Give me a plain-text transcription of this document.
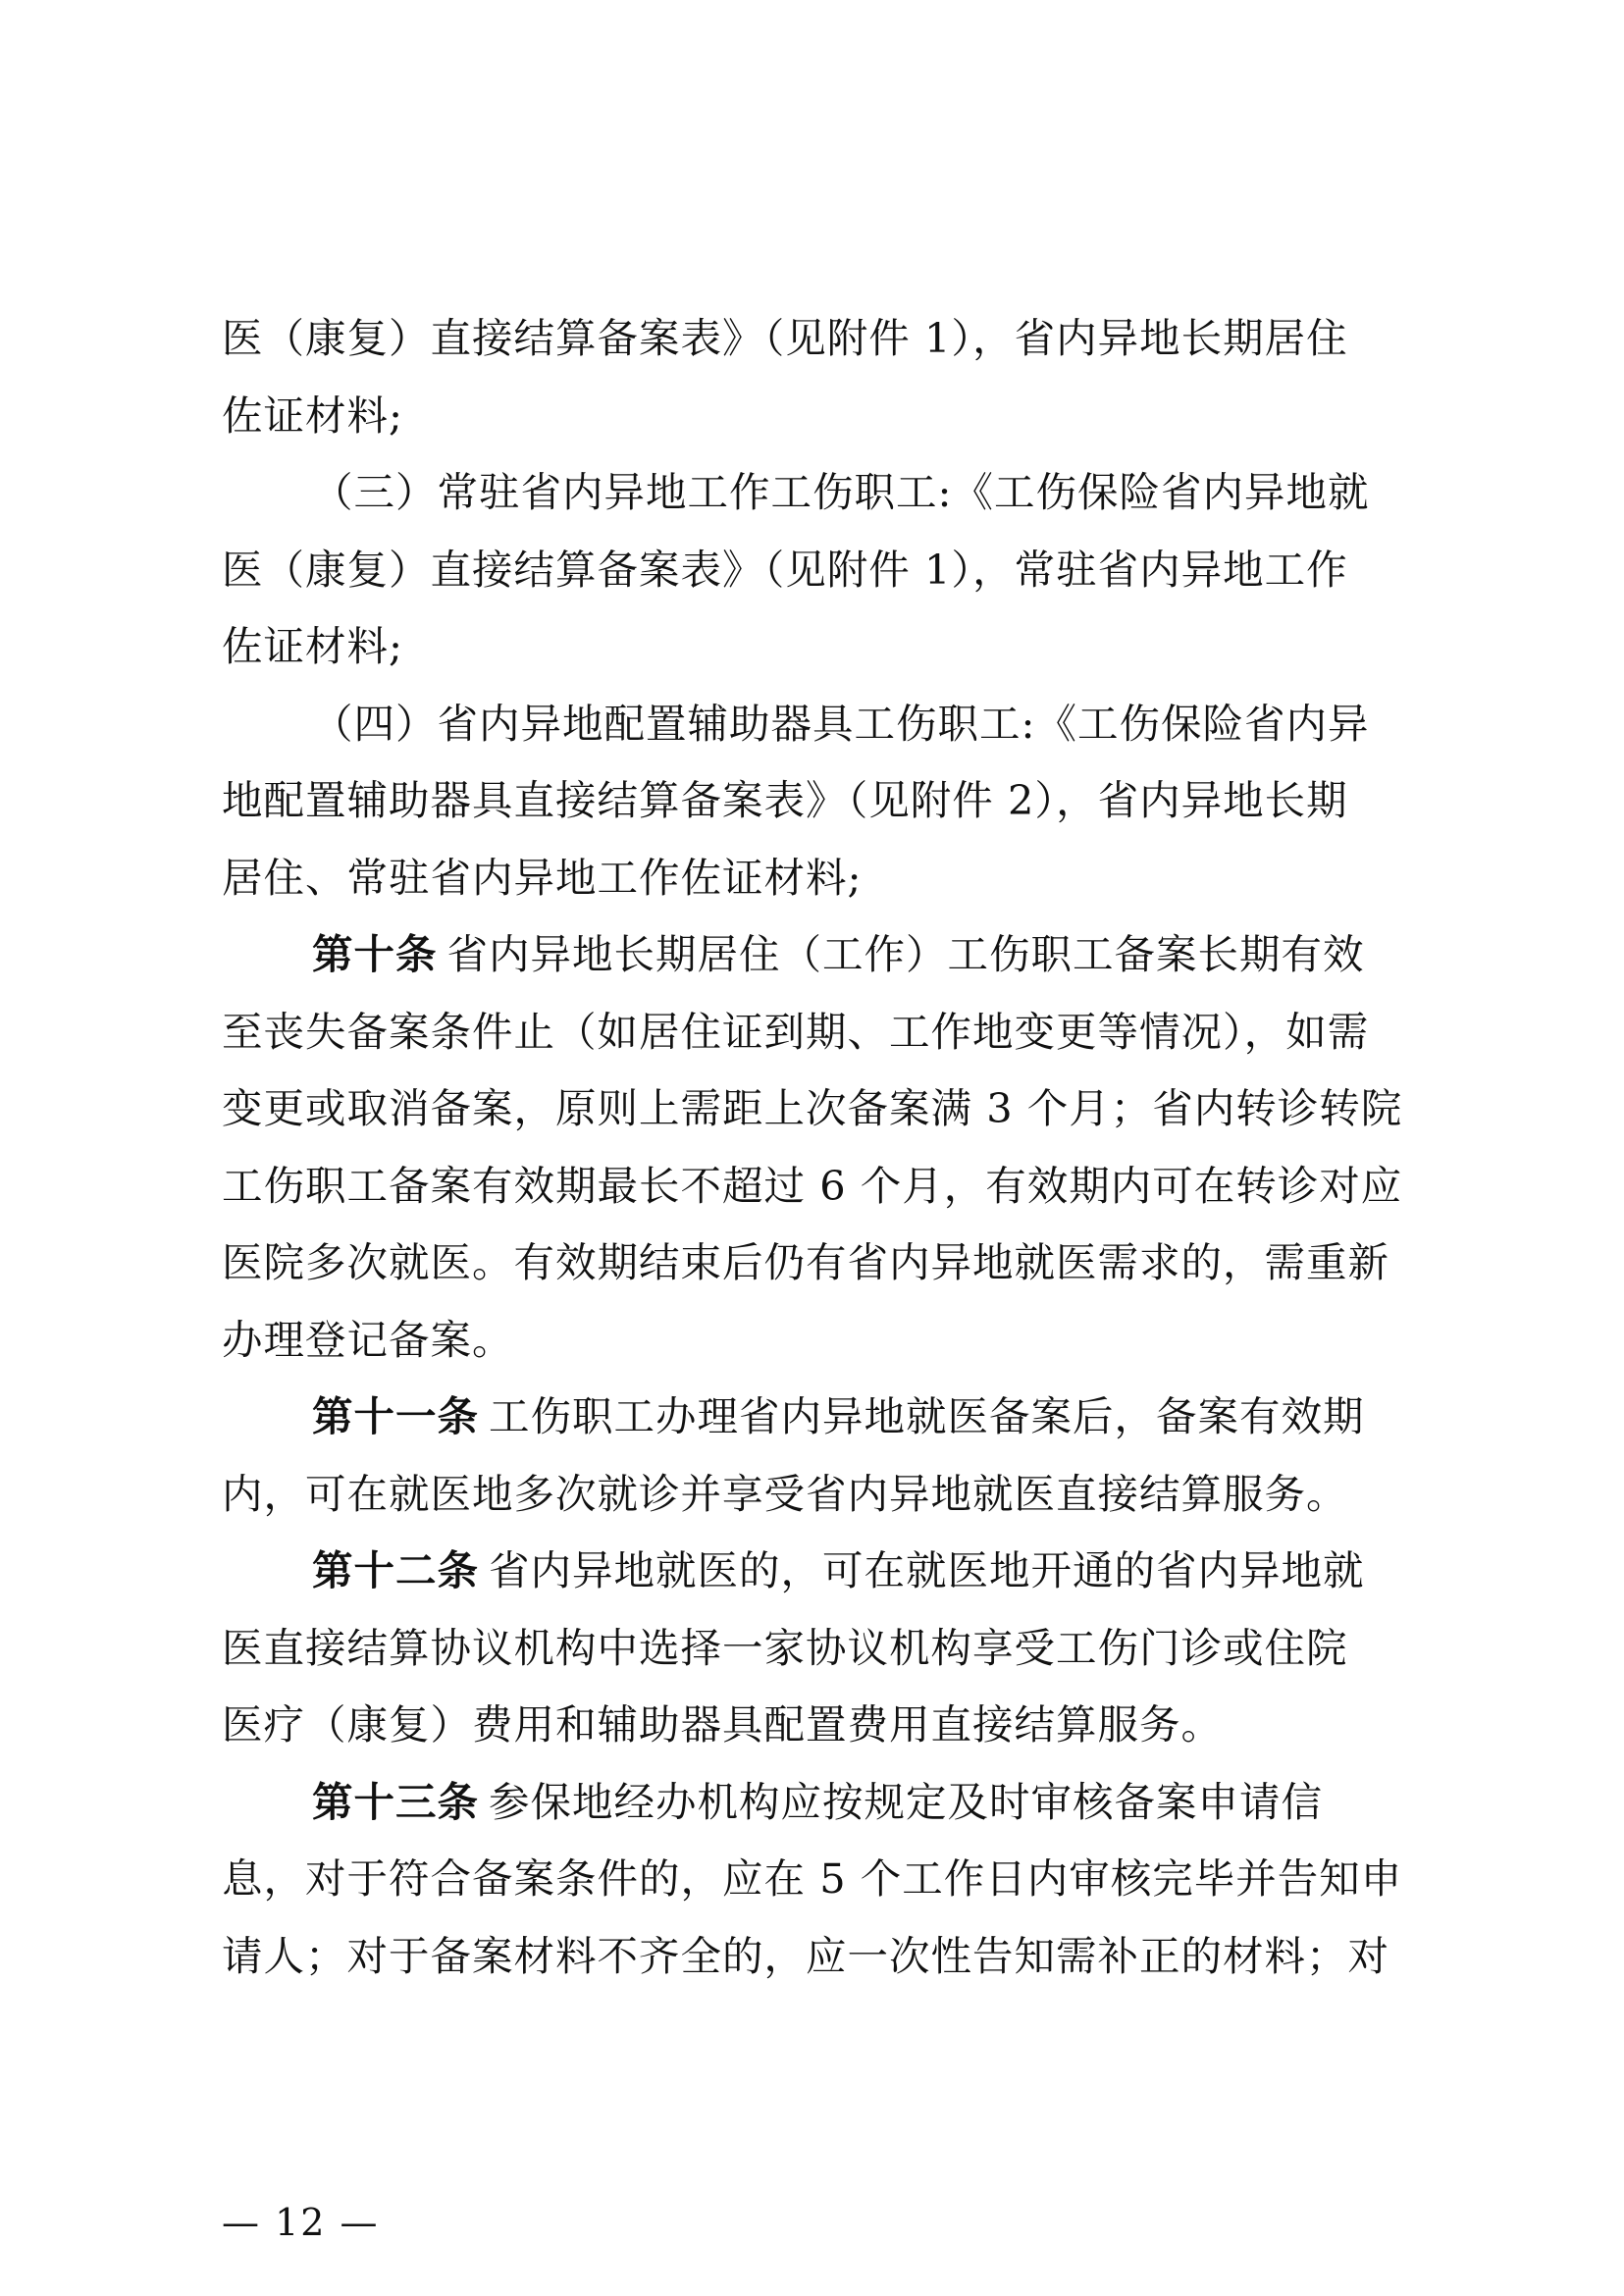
医（康复）直接结算备案表》（见附件 1），省内异地长期居住
佐证材料;
（三）常驻省内异地工作工伤职工:《工伤保险省内异地就
医（康复）直接结算备案表》（见附件 1），常驻省内异地工作
佐证材料;
（四）省内异地配置辅助器具工伤职工:《工伤保险省内异
地配置辅助器具直接结算备案表》（见附件 2），省内异地长期
居住、常驻省内异地工作佐证材料;
第十条 省内异地长期居住（工作）工伤职工备案长期有效
至丧失备案条件止（如居住证到期、工作地变更等情况），如需
变更或取消备案，原则上需距上次备案满 3 个月；省内转诊转院
工伤职工备案有效期最长不超过 6 个月，有效期内可在转诊对应
医院多次就医。有效期结束后仍有省内异地就医需求的，需重新
办理登记备案。
第十一条 工伤职工办理省内异地就医备案后，备案有效期
内，可在就医地多次就诊并享受省内异地就医直接结算服务。
第十二条 省内异地就医的，可在就医地开通的省内异地就
医直接结算协议机构中选择一家协议机构享受工伤门诊或住院
医疗（康复）费用和辅助器具配置费用直接结算服务。
第十三条 参保地经办机构应按规定及时审核备案申请信
息，对于符合备案条件的，应在 5 个工作日内审核完毕并告知申
请人；对于备案材料不齐全的，应一次性告知需补正的材料；对
— 12 —
